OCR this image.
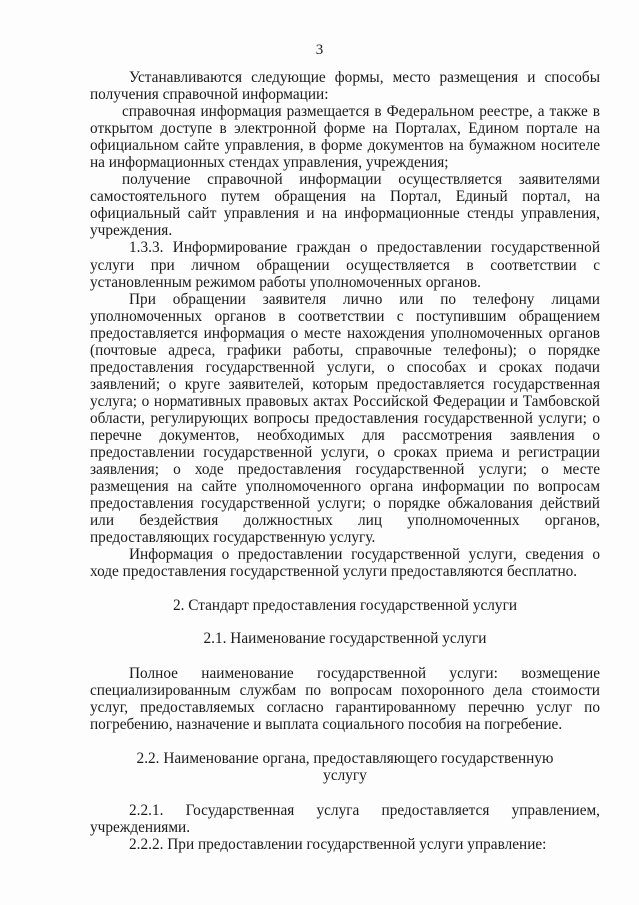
3

Устанавливаются следующие формы, место размещения и способы получения справочной информации:

справочная информация размещается в Федеральном реестре, а также в открытом доступе в электронной форме на Порталах, Едином портале на официальном сайте управления, в форме документов на бумажном носителе на информационных стендах управления, учреждения;

получение справочной информации осуществляется заявителями самостоятельного путем обращения на Портал, Единый портал, на официальный сайт управления и на информационные стенды управления, учреждения.

1.3.3. Информирование граждан о предоставлении государственной услуги при личном обращении осуществляется в соответствии с установленным режимом работы уполномоченных органов.

При обращении заявителя лично или по телефону лицами уполномоченных органов в соответствии с поступившим обращением предоставляется информация о месте нахождения уполномоченных органов (почтовые адреса, графики работы, справочные телефоны); о порядке предоставления государственной услуги, о способах и сроках подачи заявлений; о круге заявителей, которым предоставляется государственная услуга; о нормативных правовых актах Российской Федерации и Тамбовской области, регулирующих вопросы предоставления государственной услуги; о перечне документов, необходимых для рассмотрения заявления о предоставлении государственной услуги, о сроках приема и регистрации заявления; о ходе предоставления государственной услуги; о месте размещения на сайте уполномоченного органа информации по вопросам предоставления государственной услуги; о порядке обжалования действий или бездействия должностных лиц уполномоченных органов, предоставляющих государственную услугу.

Информация о предоставлении государственной услуги, сведения о ходе предоставления государственной услуги предоставляются бесплатно.

2. Стандарт предоставления государственной услуги

2.1. Наименование государственной услуги

Полное наименование государственной услуги: возмещение специализированным службам по вопросам похоронного дела стоимости услуг, предоставляемых согласно гарантированному перечню услуг по погребению, назначение и выплата социального пособия на погребение.

2.2. Наименование органа, предоставляющего государственную услугу

2.2.1. Государственная услуга предоставляется управлением, учреждениями.

2.2.2. При предоставлении государственной услуги управление:
